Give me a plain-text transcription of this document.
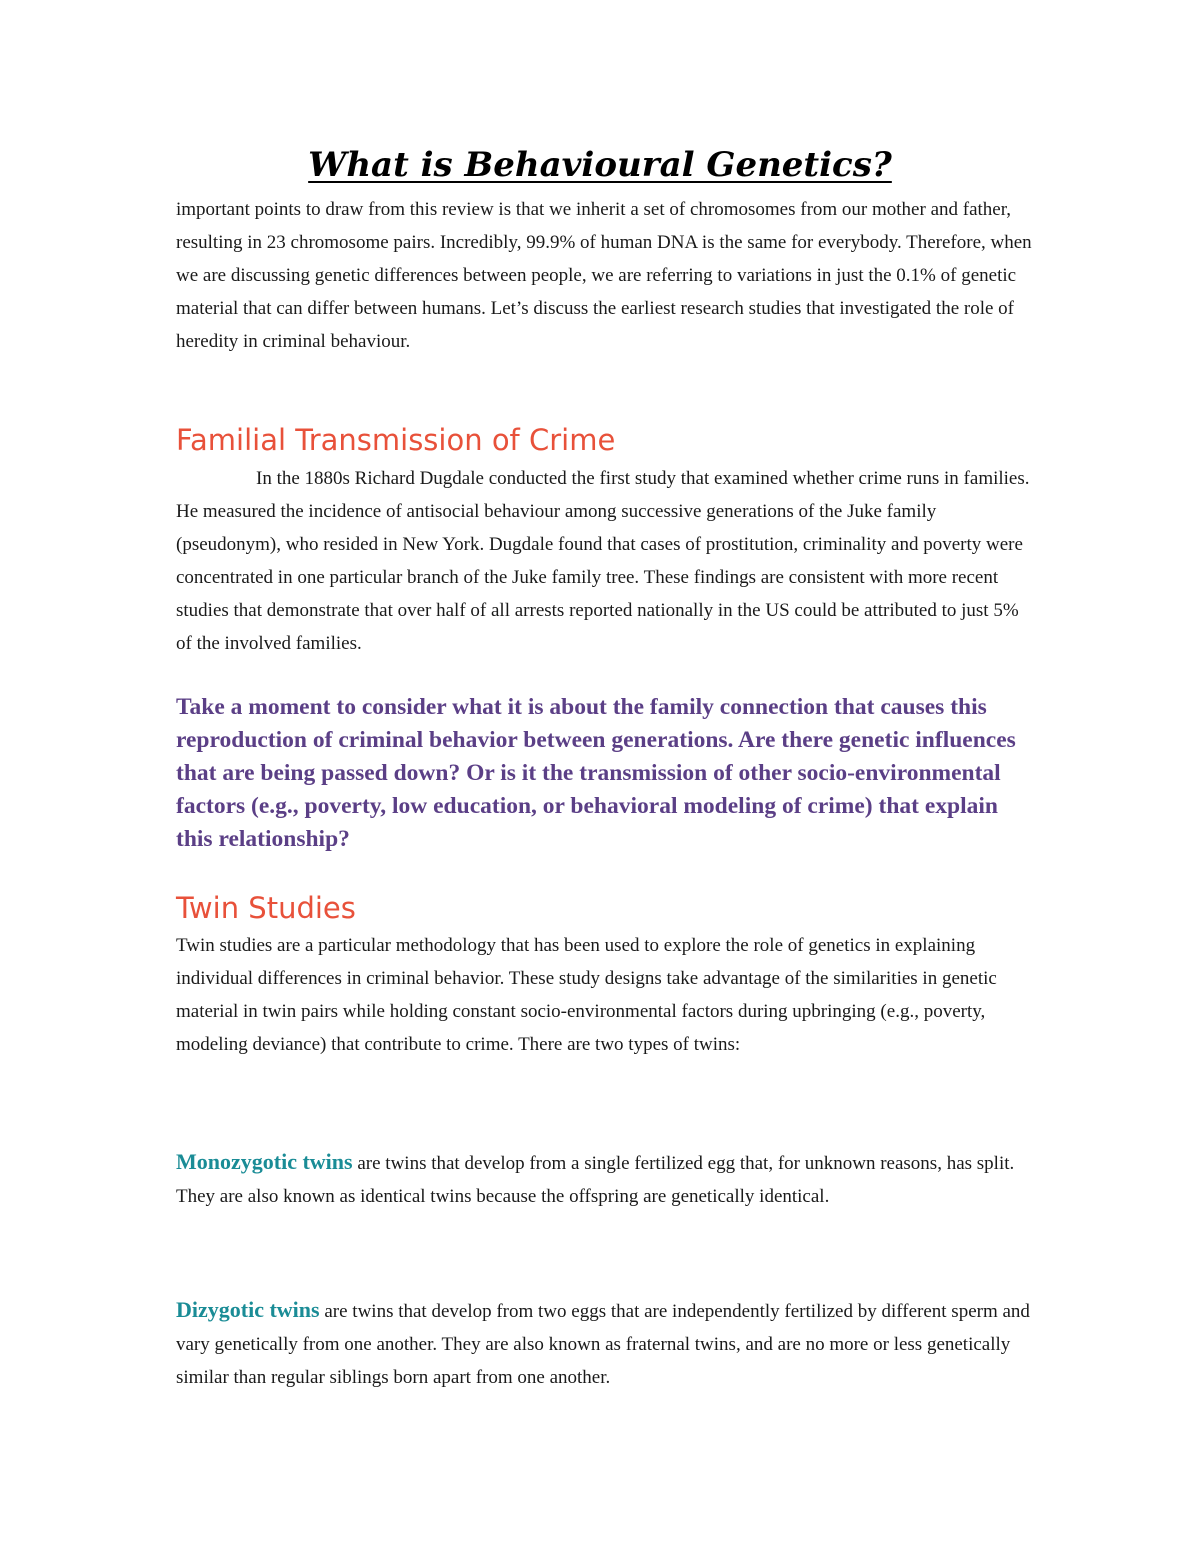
What is Behavioural Genetics?

important points to draw from this review is that we inherit a set of chromosomes from our mother and father, resulting in 23 chromosome pairs. Incredibly, 99.9% of human DNA is the same for everybody. Therefore, when we are discussing genetic differences between people, we are referring to variations in just the 0.1% of genetic material that can differ between humans. Let’s discuss the earliest research studies that investigated the role of heredity in criminal behaviour.

Familial Transmission of Crime

In the 1880s Richard Dugdale conducted the first study that examined whether crime runs in families. He measured the incidence of antisocial behaviour among successive generations of the Juke family (pseudonym), who resided in New York. Dugdale found that cases of prostitution, criminality and poverty were concentrated in one particular branch of the Juke family tree. These findings are consistent with more recent studies that demonstrate that over half of all arrests reported nationally in the US could be attributed to just 5% of the involved families.

Take a moment to consider what it is about the family connection that causes this reproduction of criminal behavior between generations. Are there genetic influences that are being passed down? Or is it the transmission of other socio-environmental factors (e.g., poverty, low education, or behavioral modeling of crime) that explain this relationship?

Twin Studies

Twin studies are a particular methodology that has been used to explore the role of genetics in explaining individual differences in criminal behavior. These study designs take advantage of the similarities in genetic material in twin pairs while holding constant socio-environmental factors during upbringing (e.g., poverty, modeling deviance) that contribute to crime. There are two types of twins:

Monozygotic twins are twins that develop from a single fertilized egg that, for unknown reasons, has split. They are also known as identical twins because the offspring are genetically identical.

Dizygotic twins are twins that develop from two eggs that are independently fertilized by different sperm and vary genetically from one another. They are also known as fraternal twins, and are no more or less genetically similar than regular siblings born apart from one another.
